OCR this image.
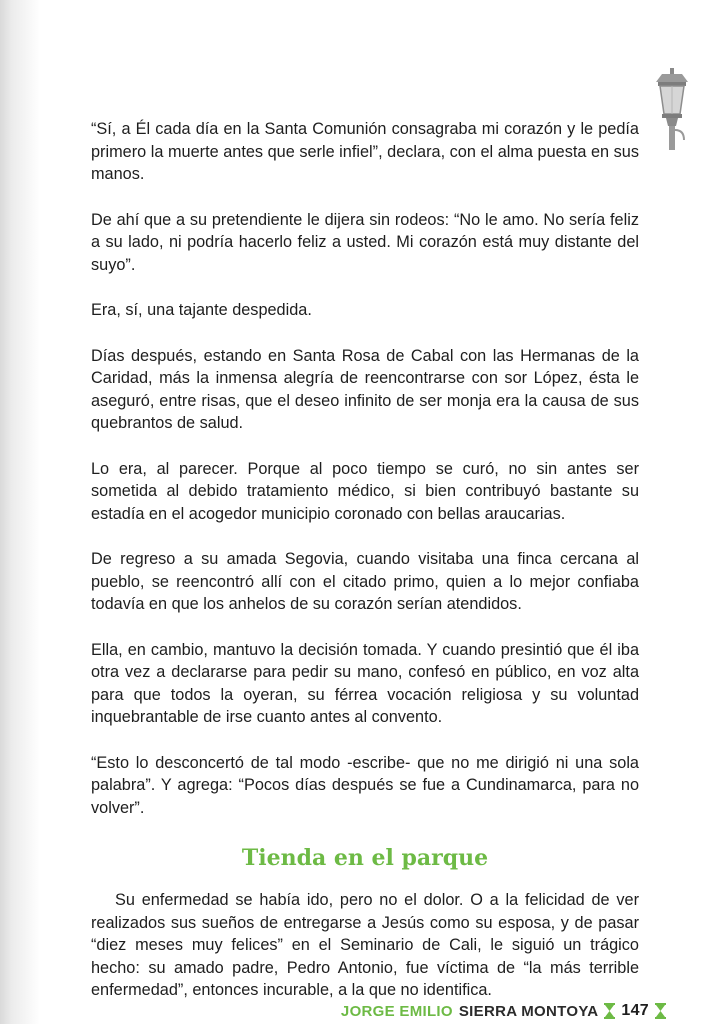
“Sí, a Él cada día en la Santa Comunión consagraba mi corazón y le pedía primero la muerte antes que serle infiel”, declara, con el alma puesta en sus manos.

De ahí que a su pretendiente le dijera sin rodeos: “No le amo. No sería feliz a su lado, ni podría hacerlo feliz a usted. Mi corazón está muy distante del suyo”.

Era, sí, una tajante despedida.

Días después, estando en Santa Rosa de Cabal con las Hermanas de la Caridad, más la inmensa alegría de reencontrarse con sor López, ésta le aseguró, entre risas, que el deseo infinito de ser monja era la causa de sus quebrantos de salud.

Lo era, al parecer. Porque al poco tiempo se curó, no sin antes ser sometida al debido tratamiento médico, si bien contribuyó bastante su estadía en el acogedor municipio coronado con bellas araucarias.

De regreso a su amada Segovia, cuando visitaba una finca cercana al pueblo, se reencontró allí con el citado primo, quien a lo mejor confiaba todavía en que los anhelos de su corazón serían atendidos.

Ella, en cambio, mantuvo la decisión tomada. Y cuando presintió que él iba otra vez a declararse para pedir su mano, confesó en público, en voz alta para que todos la oyeran, su férrea vocación religiosa y su voluntad inquebrantable de irse cuanto antes al convento.

“Esto lo desconcertó de tal modo -escribe- que no me dirigió ni una sola palabra”. Y agrega: “Pocos días después se fue a Cundinamarca, para no volver”.

Tienda en el parque

Su enfermedad se había ido, pero no el dolor. O a la felicidad de ver realizados sus sueños de entregarse a Jesús como su esposa, y de pasar “diez meses muy felices” en el Seminario de Cali, le siguió un trágico hecho: su amado padre, Pedro Antonio, fue víctima de “la más terrible enfermedad”, entonces incurable, a la que no identifica.

JORGE EMILIO SIERRA MONTOYA 147
